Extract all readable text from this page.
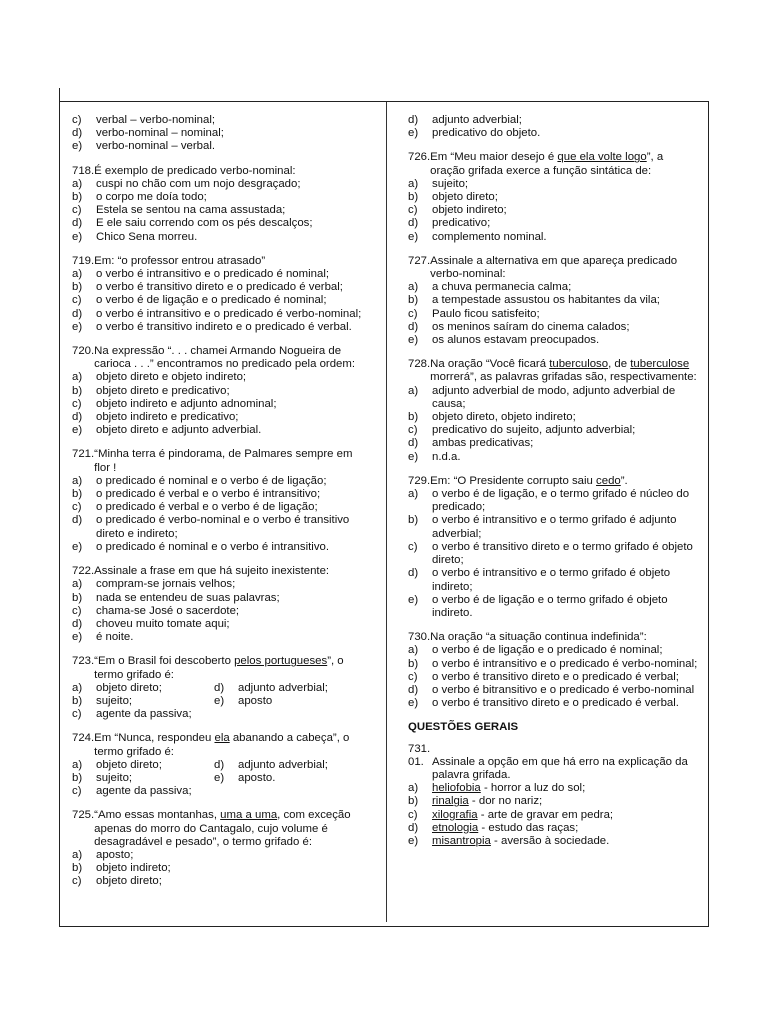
c)	verbal – verbo-nominal;
d)	verbo-nominal – nominal;
e)	verbo-nominal – verbal.
718. É exemplo de predicado verbo-nominal:
a)	cuspi no chão com um nojo desgraçado;
b)	o corpo me doía todo;
c)	Estela se sentou na cama assustada;
d)	E ele saiu correndo com os pés descalços;
e)	Chico Sena morreu.
719. Em: “o professor entrou atrasado”
a)	o verbo é intransitivo e o predicado é nominal;
b)	o verbo é transitivo direto e o predicado é verbal;
c)	o verbo é de ligação e o predicado é nominal;
d)	o verbo é intransitivo e o predicado é verbo-nominal;
e)	o verbo é transitivo indireto e o predicado é verbal.
720. Na expressão “. . . chamei Armando Nogueira de carioca . . .” encontramos no predicado pela ordem:
a)	objeto direto e objeto indireto;
b)	objeto direto e predicativo;
c)	objeto indireto e adjunto adnominal;
d)	objeto indireto e predicativo;
e)	objeto direto e adjunto adverbial.
721. “Minha terra é pindorama, de Palmares sempre em flor !
a)	o predicado é nominal e o verbo é de ligação;
b)	o predicado é verbal e o verbo é intransitivo;
c)	o predicado é verbal e o verbo é de ligação;
d)	o predicado é verbo-nominal e o verbo é transitivo direto e indireto;
e)	o predicado é nominal e o verbo é intransitivo.
722. Assinale a frase em que há sujeito inexistente:
a)	compram-se jornais velhos;
b)	nada se entendeu de suas palavras;
c)	chama-se José o sacerdote;
d)	choveu muito tomate aqui;
e)	é noite.
723. “Em o Brasil foi descoberto pelos portugueses”, o termo grifado é:
a)	objeto direto;	d)	adjunto adverbial;
b)	sujeito;	e)	aposto
c)	agente da passiva;
724. Em “Nunca, respondeu ela abanando a cabeça”, o termo grifado é:
a)	objeto direto;	d)	adjunto adverbial;
b)	sujeito;	e)	aposto.
c)	agente da passiva;
725. “Amo essas montanhas, uma a uma, com exceção apenas do morro do Cantagalo, cujo volume é desagradável e pesado”, o termo grifado é:
a)	aposto;
b)	objeto indireto;
c)	objeto direto;
d)	adjunto adverbial;
e)	predicativo do objeto.
726. Em “Meu maior desejo é que ela volte logo”, a oração grifada exerce a função sintática de:
a)	sujeito;
b)	objeto direto;
c)	objeto indireto;
d)	predicativo;
e)	complemento nominal.
727. Assinale a alternativa em que apareça predicado verbo-nominal:
a)	a chuva permanecia calma;
b)	a tempestade assustou os habitantes da vila;
c)	Paulo ficou satisfeito;
d)	os meninos saíram do cinema calados;
e)	os alunos estavam preocupados.
728. Na oração “Você ficará tuberculoso, de tuberculose morrerá”, as palavras grifadas são, respectivamente:
a)	adjunto adverbial de modo, adjunto adverbial de causa;
b)	objeto direto, objeto indireto;
c)	predicativo do sujeito, adjunto adverbial;
d)	ambas predicativas;
e)	n.d.a.
729. Em: “O Presidente corrupto saiu cedo”.
a)	o verbo é de ligação, e o termo grifado é núcleo do predicado;
b)	o verbo é intransitivo e o termo grifado é adjunto adverbial;
c)	o verbo é transitivo direto e o termo grifado é objeto direto;
d)	o verbo é intransitivo e o termo grifado é objeto indireto;
e)	o verbo é de ligação e o termo grifado é objeto indireto.
730. Na oração “a situação continua indefinida”:
a)	o verbo é de ligação e o predicado é nominal;
b)	o verbo é intransitivo e o predicado é verbo-nominal;
c)	o verbo é transitivo direto e o predicado é verbal;
d)	o verbo é bitransitivo e o predicado é verbo-nominal
e)	o verbo é transitivo direto e o predicado é verbal.
QUESTÕES GERAIS
731.
01. Assinale a opção em que há erro na explicação da palavra grifada.
a)	heliofobia - horror a luz do sol;
b)	rinalgia - dor no nariz;
c)	xilografia - arte de gravar em pedra;
d)	etnologia - estudo das raças;
e)	misantropia - aversão à sociedade.
